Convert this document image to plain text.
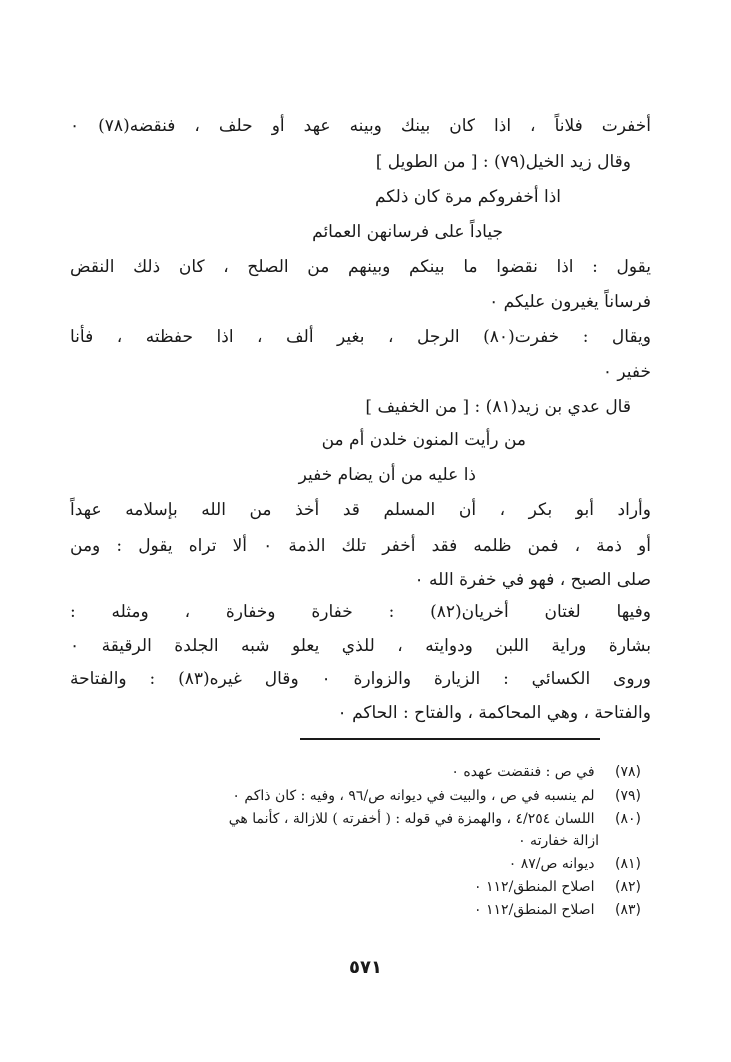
أخفرت فلاناً ، اذا كان بينك وبينه عهد أو حلف ، فنقضه(٧٨) ٠
وقال زيد الخيل(٧٩) : [ من الطويل ]
اذا أخفروكم مرة كان ذلكم
جياداً على فرسانهن العمائم
يقول : اذا نقضوا ما بينكم وبينهم من الصلح ، كان ذلك النقض
فرساناً يغيرون عليكم ٠
ويقال : خفرت(٨٠) الرجل ، بغير ألف ، اذا حفظته ، فأنا
خفير ٠
قال عدي بن زيد(٨١) : [ من الخفيف ]
من رأيت المنون خلدن أم من
ذا عليه من أن يضام خفير
وأراد أبو بكر ، أن المسلم قد أخذ من الله بإسلامه عهداً
أو ذمة ، فمن ظلمه فقد أخفر تلك الذمة ٠ ألا تراه يقول : ومن
صلى الصبح ، فهو في خفرة الله ٠
وفيها لغتان أخريان(٨٢) : خفارة وخفارة ، ومثله :
بشارة وراية اللبن ودوايته ، للذي يعلو شبه الجلدة الرقيقة ٠
وروى الكسائي : الزيارة والزوارة ٠ وقال غيره(٨٣) : والفتاحة
والفتاحة ، وهي المحاكمة ، والفتاح : الحاكم ٠
(٧٨) في ص : فنقضت عهده ٠
(٧٩) لم ينسبه في ص ، والبيت في ديوانه ص/٩٦ ، وفيه : كان ذاكم ٠
(٨٠) اللسان ٤/٢٥٤ ، والهمزة في قوله : ( أخفرته ) للازالة ، كأنما هي
ازالة خفارته ٠
(٨١) ديوانه ص/٨٧ ٠
(٨٢) اصلاح المنطق/١١٢ ٠
(٨٣) اصلاح المنطق/١١٢ ٠
٥٧١
